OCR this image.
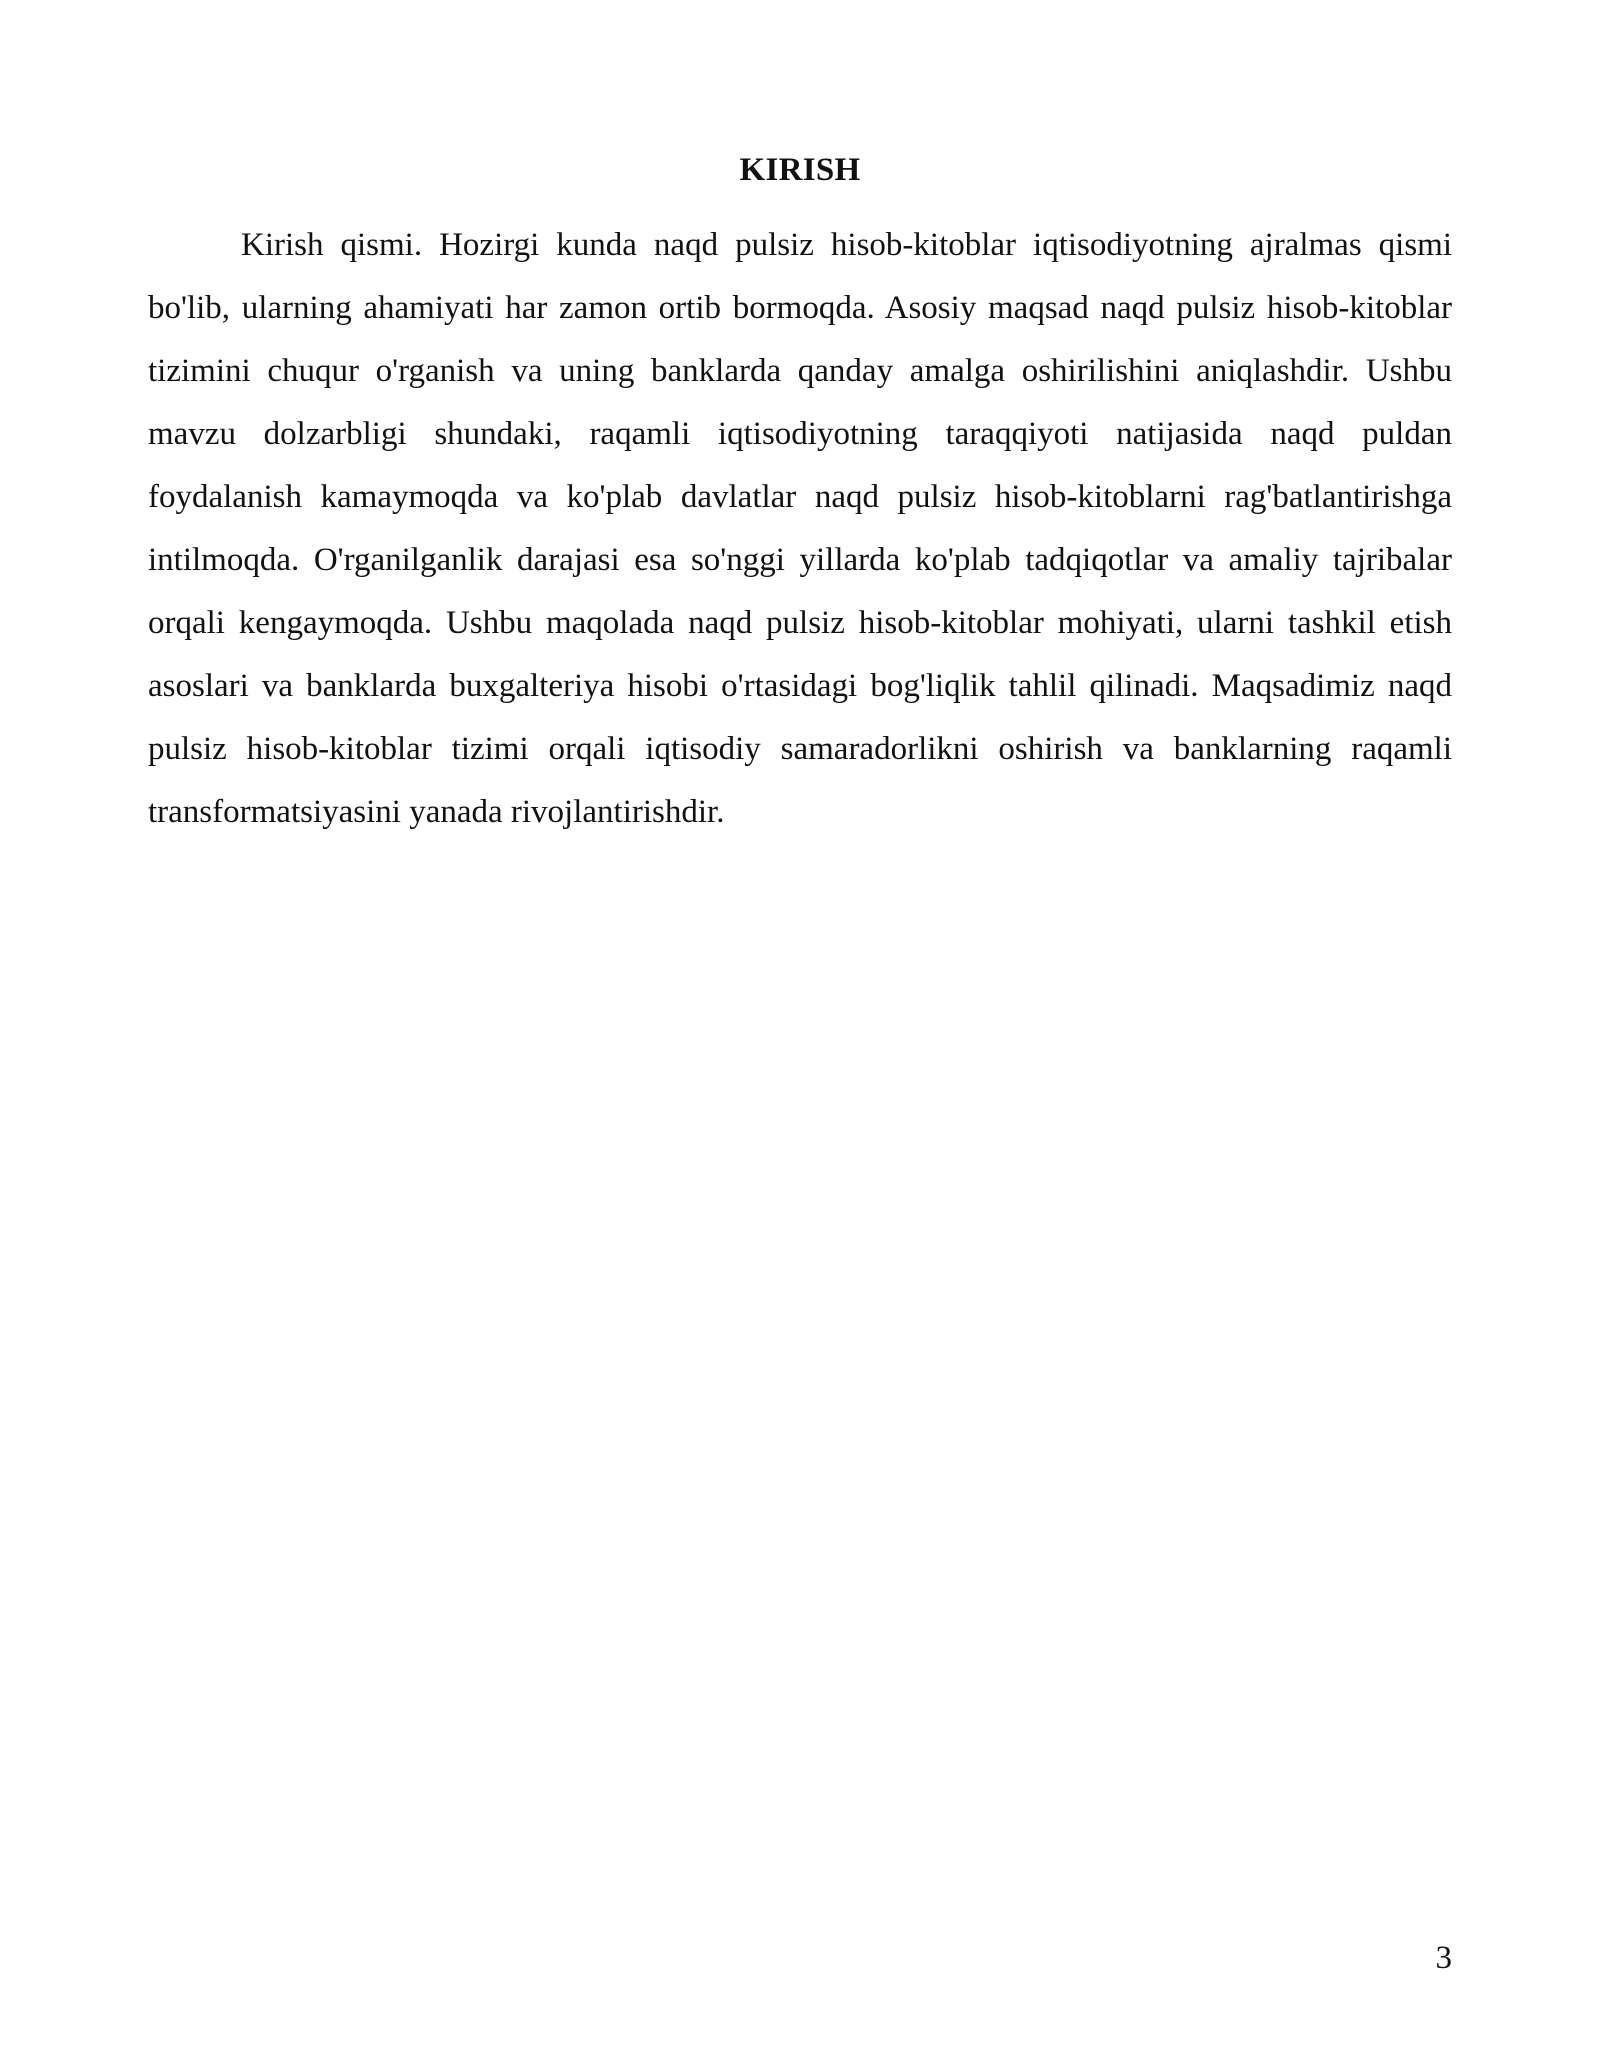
KIRISH

Kirish qismi. Hozirgi kunda naqd pulsiz hisob-kitoblar iqtisodiyotning ajralmas qismi bo'lib, ularning ahamiyati har zamon ortib bormoqda. Asosiy maqsad naqd pulsiz hisob-kitoblar tizimini chuqur o'rganish va uning banklarda qanday amalga oshirilishini aniqlashdir. Ushbu mavzu dolzarbligi shundaki, raqamli iqtisodiyotning taraqqiyoti natijasida naqd puldan foydalanish kamaymoqda va ko'plab davlatlar naqd pulsiz hisob-kitoblarni rag'batlantirishga intilmoqda. O'rganilganlik darajasi esa so'nggi yillarda ko'plab tadqiqotlar va amaliy tajribalar orqali kengaymoqda. Ushbu maqolada naqd pulsiz hisob-kitoblar mohiyati, ularni tashkil etish asoslari va banklarda buxgalteriya hisobi o'rtasidagi bog'liqlik tahlil qilinadi. Maqsadimiz naqd pulsiz hisob-kitoblar tizimi orqali iqtisodiy samaradorlikni oshirish va banklarning raqamli transformatsiyasini yanada rivojlantirishdir.

3
